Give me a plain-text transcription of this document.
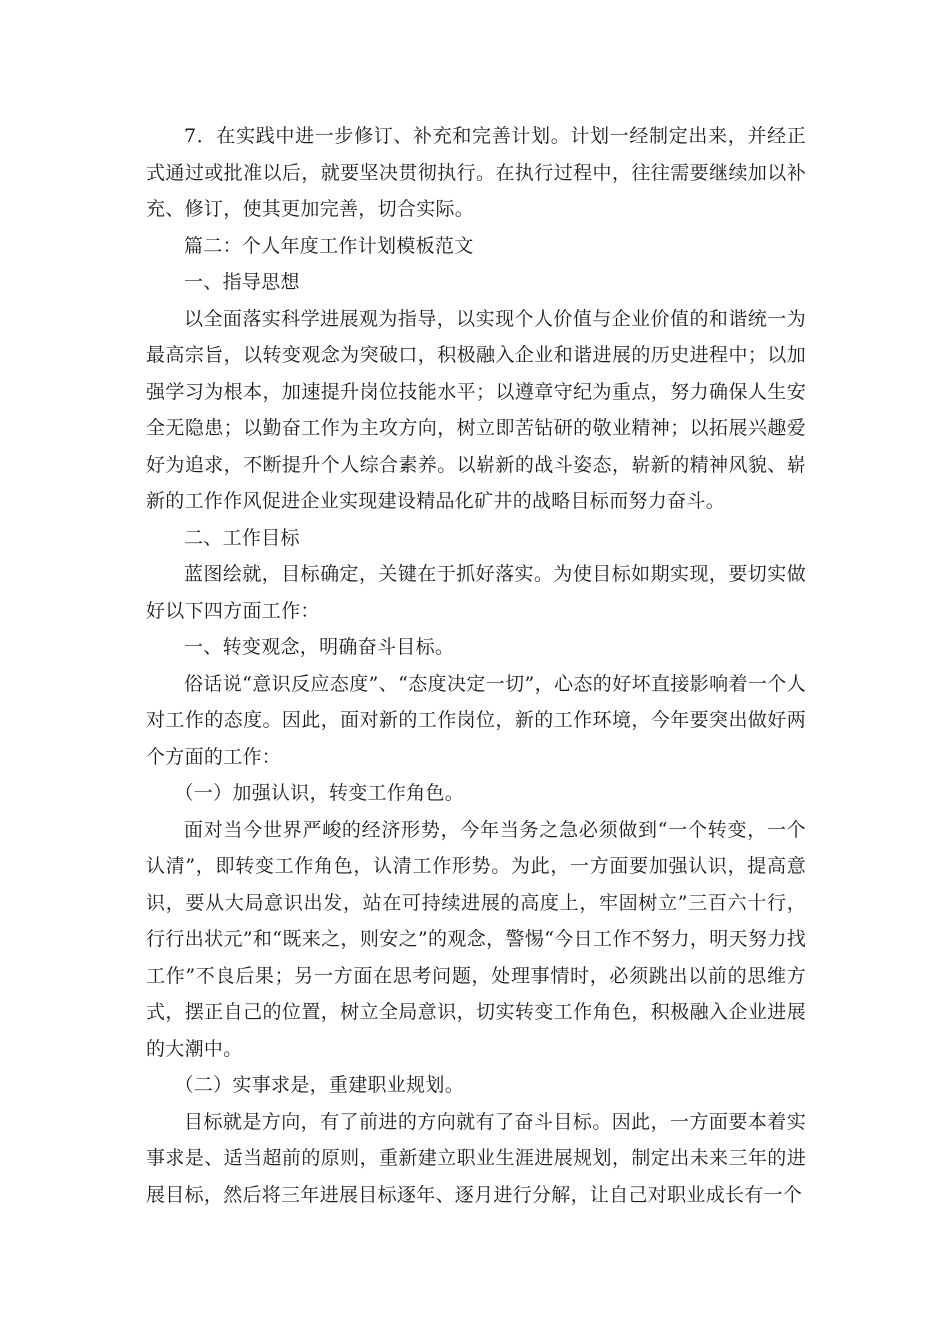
7．在实践中进一步修订、补充和完善计划。计划一经制定出来，并经正式通过或批准以后，就要坚决贯彻执行。在执行过程中，往往需要继续加以补充、修订，使其更加完善，切合实际。

篇二：个人年度工作计划模板范文

一、指导思想

以全面落实科学进展观为指导，以实现个人价值与企业价值的和谐统一为最高宗旨，以转变观念为突破口，积极融入企业和谐进展的历史进程中；以加强学习为根本，加速提升岗位技能水平；以遵章守纪为重点，努力确保人生安全无隐患；以勤奋工作为主攻方向，树立即苦钻研的敬业精神；以拓展兴趣爱好为追求，不断提升个人综合素养。以崭新的战斗姿态，崭新的精神风貌、崭新的工作作风促进企业实现建设精品化矿井的战略目标而努力奋斗。

二、工作目标

蓝图绘就，目标确定，关键在于抓好落实。为使目标如期实现，要切实做好以下四方面工作：

一、转变观念，明确奋斗目标。

俗话说“意识反应态度”、“态度决定一切”，心态的好坏直接影响着一个人对工作的态度。因此，面对新的工作岗位，新的工作环境，今年要突出做好两个方面的工作：

（一）加强认识，转变工作角色。

面对当今世界严峻的经济形势，今年当务之急必须做到“一个转变，一个认清”，即转变工作角色，认清工作形势。为此，一方面要加强认识，提高意识，要从大局意识出发，站在可持续进展的高度上，牢固树立”三百六十行，行行出状元”和“既来之，则安之”的观念，警惕“今日工作不努力，明天努力找工作”不良后果；另一方面在思考问题，处理事情时，必须跳出以前的思维方式，摆正自己的位置，树立全局意识，切实转变工作角色，积极融入企业进展的大潮中。

（二）实事求是，重建职业规划。

目标就是方向，有了前进的方向就有了奋斗目标。因此，一方面要本着实事求是、适当超前的原则，重新建立职业生涯进展规划，制定出未来三年的进展目标，然后将三年进展目标逐年、逐月进行分解，让自己对职业成长有一个
